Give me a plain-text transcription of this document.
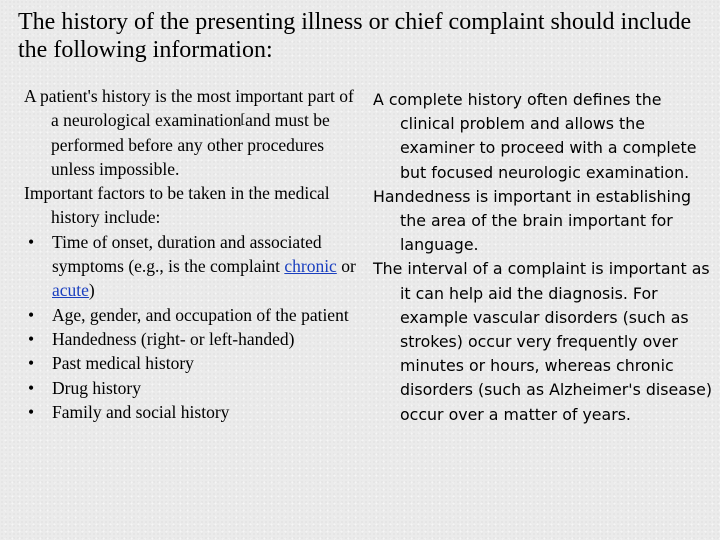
The history of the presenting illness or chief complaint should include the following information:

A patient's history is the most important part of a neurological examination[and must be performed before any other procedures unless impossible.

Important factors to be taken in the medical history include:

• Time of onset, duration and associated symptoms (e.g., is the complaint chronic or acute)
• Age, gender, and occupation of the patient
• Handedness (right- or left-handed)
• Past medical history
• Drug history
• Family and social history

A complete history often defines the clinical problem and allows the examiner to proceed with a complete but focused neurologic examination.

Handedness is important in establishing the area of the brain important for language.

The interval of a complaint is important as it can help aid the diagnosis. For example vascular disorders (such as strokes) occur very frequently over minutes or hours, whereas chronic disorders (such as Alzheimer's disease) occur over a matter of years.
